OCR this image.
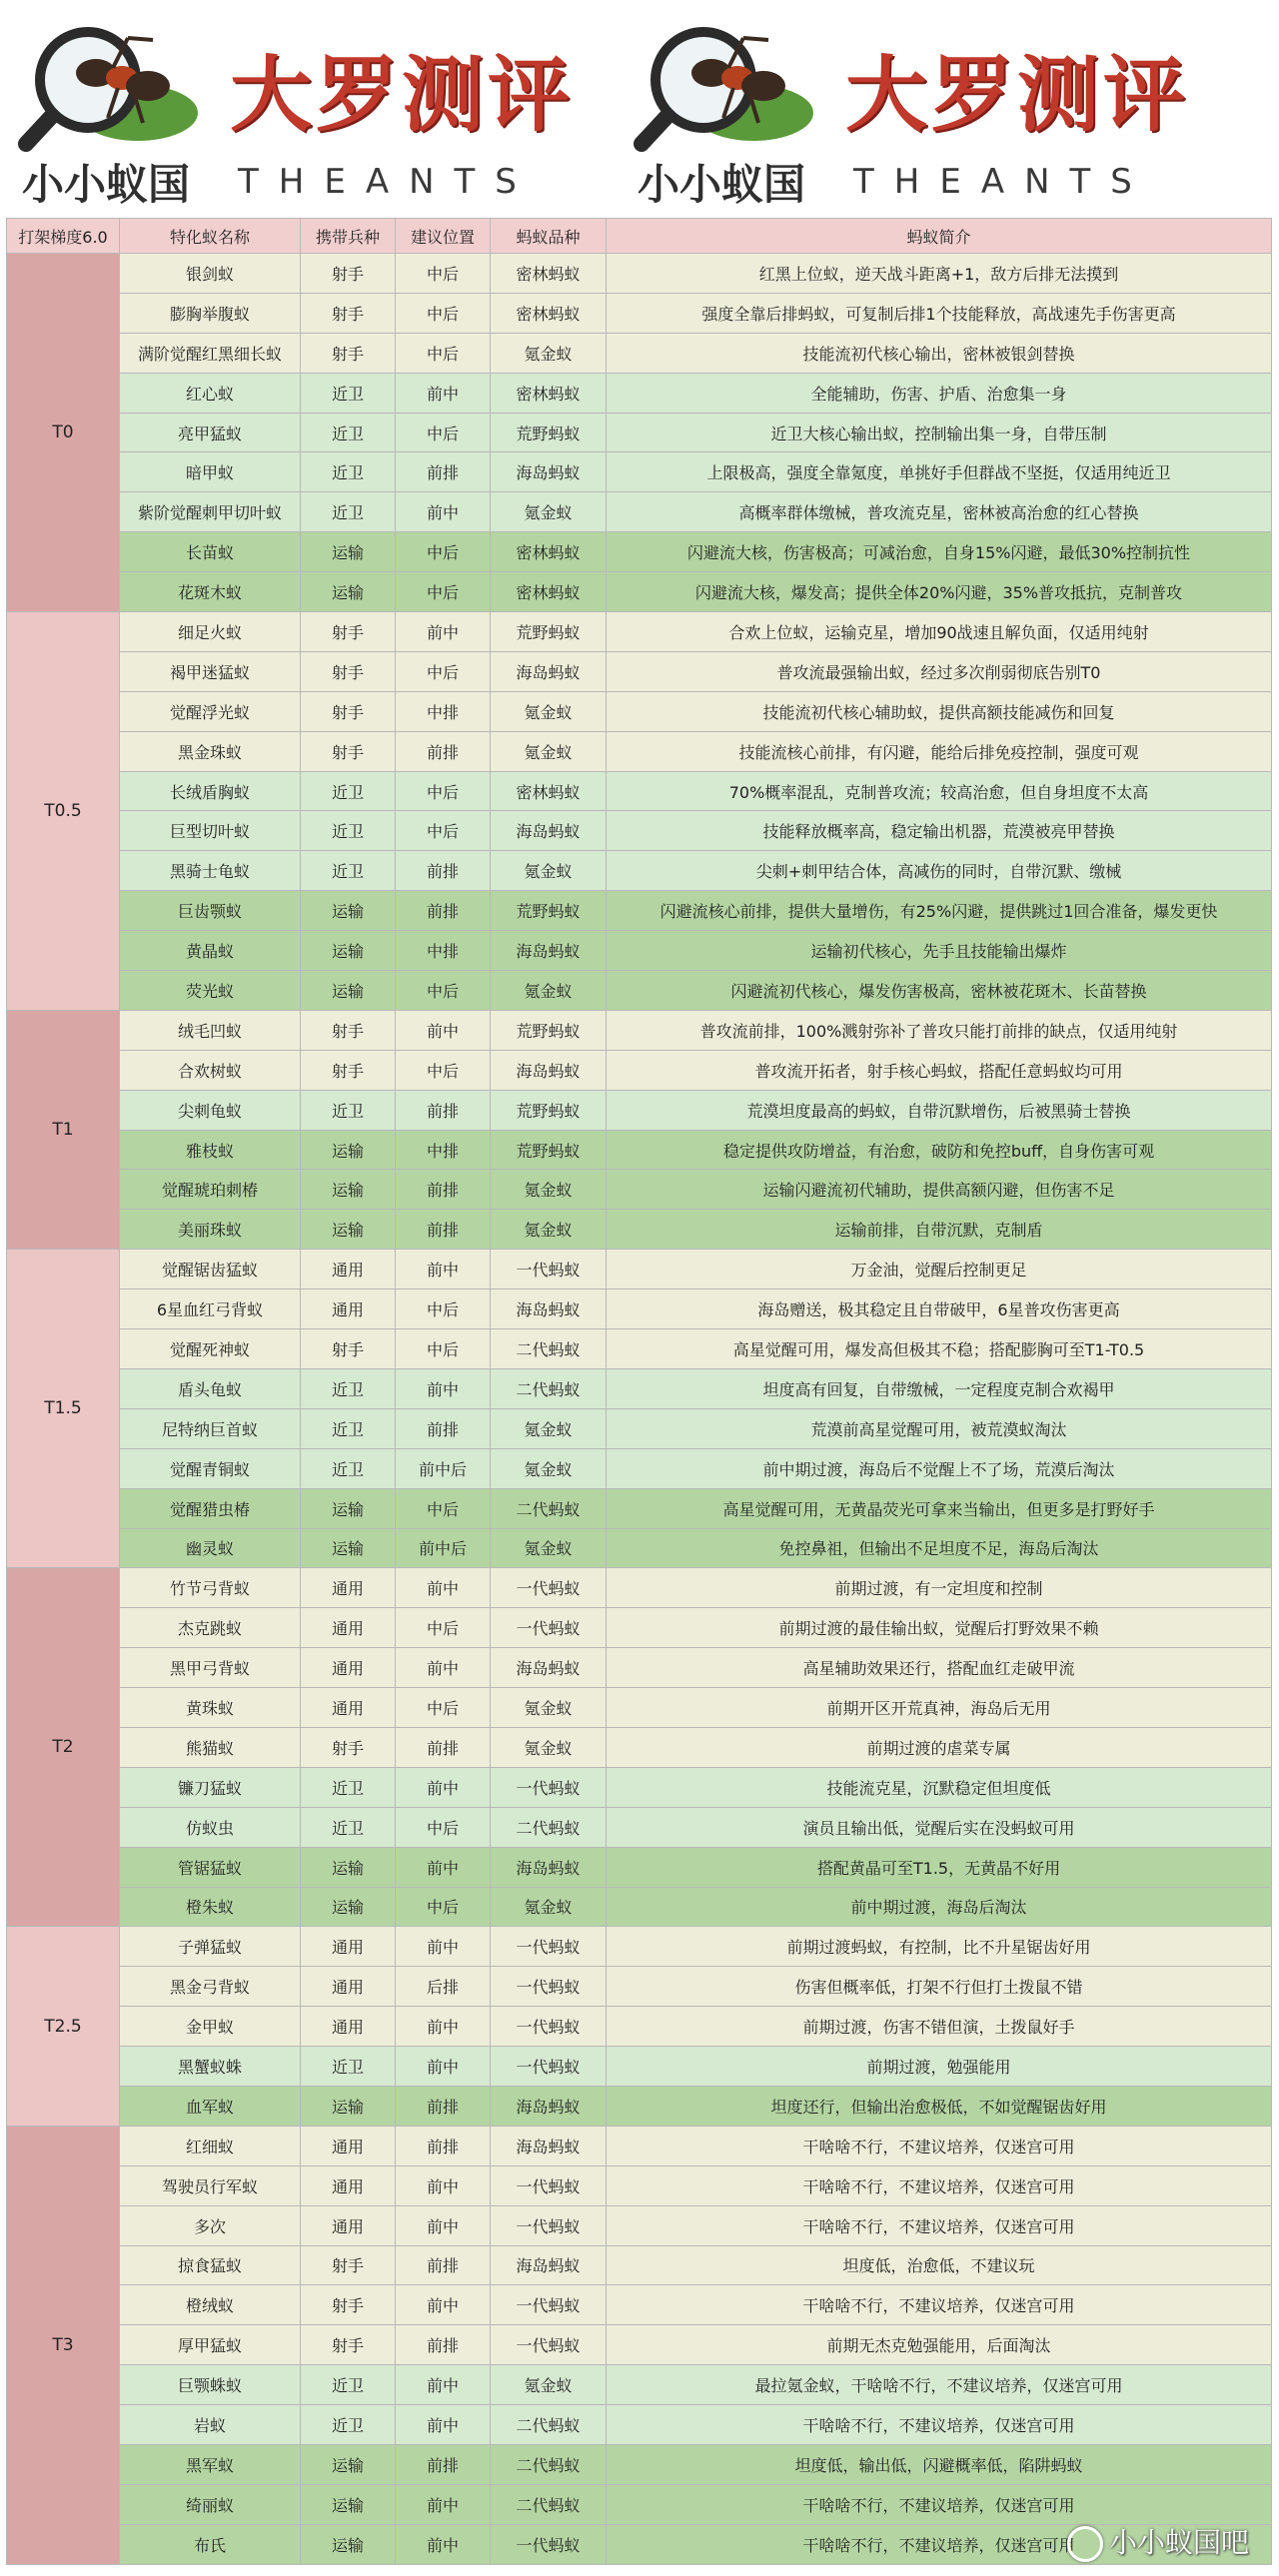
大罗测评
小小蚁国 THEANTS
大罗测评
小小蚁国 THEANTS
打架梯度6.0	特化蚁名称	携带兵种	建议位置	蚂蚁品种	蚂蚁简介
T0	银剑蚁	射手	中后	密林蚂蚁	红黑上位蚁，逆天战斗距离+1，敌方后排无法摸到
	膨胸举腹蚁	射手	中后	密林蚂蚁	强度全靠后排蚂蚁，可复制后排1个技能释放，高战速先手伤害更高
	满阶觉醒红黑细长蚁	射手	中后	氪金蚁	技能流初代核心输出，密林被银剑替换
	红心蚁	近卫	前中	密林蚂蚁	全能辅助，伤害、护盾、治愈集一身
	亮甲猛蚁	近卫	中后	荒野蚂蚁	近卫大核心输出蚁，控制输出集一身，自带压制
	暗甲蚁	近卫	前排	海岛蚂蚁	上限极高，强度全靠氪度，单挑好手但群战不坚挺，仅适用纯近卫
	紫阶觉醒刺甲切叶蚁	近卫	前中	氪金蚁	高概率群体缴械，普攻流克星，密林被高治愈的红心替换
	长苗蚁	运输	中后	密林蚂蚁	闪避流大核，伤害极高；可减治愈，自身15%闪避，最低30%控制抗性
	花斑木蚁	运输	中后	密林蚂蚁	闪避流大核，爆发高；提供全体20%闪避，35%普攻抵抗，克制普攻
T0.5	细足火蚁	射手	前中	荒野蚂蚁	合欢上位蚁，运输克星，增加90战速且解负面，仅适用纯射
	褐甲迷猛蚁	射手	中后	海岛蚂蚁	普攻流最强输出蚁，经过多次削弱彻底告别T0
	觉醒浮光蚁	射手	中排	氪金蚁	技能流初代核心辅助蚁，提供高额技能减伤和回复
	黑金珠蚁	射手	前排	氪金蚁	技能流核心前排，有闪避，能给后排免疫控制，强度可观
	长绒盾胸蚁	近卫	中后	密林蚂蚁	70%概率混乱，克制普攻流；较高治愈，但自身坦度不太高
	巨型切叶蚁	近卫	中后	海岛蚂蚁	技能释放概率高，稳定输出机器，荒漠被亮甲替换
	黑骑士龟蚁	近卫	前排	氪金蚁	尖刺+刺甲结合体，高减伤的同时，自带沉默、缴械
	巨齿颚蚁	运输	前排	荒野蚂蚁	闪避流核心前排，提供大量增伤，有25%闪避，提供跳过1回合准备，爆发更快
	黄晶蚁	运输	中排	海岛蚂蚁	运输初代核心，先手且技能输出爆炸
	荧光蚁	运输	中后	氪金蚁	闪避流初代核心，爆发伤害极高，密林被花斑木、长苗替换
T1	绒毛凹蚁	射手	前中	荒野蚂蚁	普攻流前排，100%溅射弥补了普攻只能打前排的缺点，仅适用纯射
	合欢树蚁	射手	中后	海岛蚂蚁	普攻流开拓者，射手核心蚂蚁，搭配任意蚂蚁均可用
	尖刺龟蚁	近卫	前排	荒野蚂蚁	荒漠坦度最高的蚂蚁，自带沉默增伤，后被黑骑士替换
	雅枝蚁	运输	中排	荒野蚂蚁	稳定提供攻防增益，有治愈，破防和免控buff，自身伤害可观
	觉醒琥珀刺椿	运输	前排	氪金蚁	运输闪避流初代辅助，提供高额闪避，但伤害不足
	美丽珠蚁	运输	前排	氪金蚁	运输前排，自带沉默，克制盾
T1.5	觉醒锯齿猛蚁	通用	前中	一代蚂蚁	万金油，觉醒后控制更足
	6星血红弓背蚁	通用	中后	海岛蚂蚁	海岛赠送，极其稳定且自带破甲，6星普攻伤害更高
	觉醒死神蚁	射手	中后	二代蚂蚁	高星觉醒可用，爆发高但极其不稳；搭配膨胸可至T1-T0.5
	盾头龟蚁	近卫	前中	二代蚂蚁	坦度高有回复，自带缴械，一定程度克制合欢褐甲
	尼特纳巨首蚁	近卫	前排	氪金蚁	荒漠前高星觉醒可用，被荒漠蚁淘汰
	觉醒青铜蚁	近卫	前中后	氪金蚁	前中期过渡，海岛后不觉醒上不了场，荒漠后淘汰
	觉醒猎虫椿	运输	中后	二代蚂蚁	高星觉醒可用，无黄晶荧光可拿来当输出，但更多是打野好手
	幽灵蚁	运输	前中后	氪金蚁	免控鼻祖，但输出不足坦度不足，海岛后淘汰
T2	竹节弓背蚁	通用	前中	一代蚂蚁	前期过渡，有一定坦度和控制
	杰克跳蚁	通用	中后	一代蚂蚁	前期过渡的最佳输出蚁，觉醒后打野效果不赖
	黑甲弓背蚁	通用	前中	海岛蚂蚁	高星辅助效果还行，搭配血红走破甲流
	黄珠蚁	通用	中后	氪金蚁	前期开区开荒真神，海岛后无用
	熊猫蚁	射手	前排	氪金蚁	前期过渡的虐菜专属
	镰刀猛蚁	近卫	前中	一代蚂蚁	技能流克星，沉默稳定但坦度低
	仿蚁虫	近卫	中后	二代蚂蚁	演员且输出低，觉醒后实在没蚂蚁可用
	管锯猛蚁	运输	前中	海岛蚂蚁	搭配黄晶可至T1.5，无黄晶不好用
	橙朱蚁	运输	中后	氪金蚁	前中期过渡，海岛后淘汰
T2.5	子弹猛蚁	通用	前中	一代蚂蚁	前期过渡蚂蚁，有控制，比不升星锯齿好用
	黑金弓背蚁	通用	后排	一代蚂蚁	伤害但概率低，打架不行但打土拨鼠不错
	金甲蚁	通用	前中	一代蚂蚁	前期过渡，伤害不错但演，土拨鼠好手
	黑蟹蚁蛛	近卫	前中	一代蚂蚁	前期过渡，勉强能用
	血军蚁	运输	前排	海岛蚂蚁	坦度还行，但输出治愈极低，不如觉醒锯齿好用
T3	红细蚁	通用	前排	海岛蚂蚁	干啥啥不行，不建议培养，仅迷宫可用
	驾驶员行军蚁	通用	前中	一代蚂蚁	干啥啥不行，不建议培养，仅迷宫可用
	多次	通用	前中	一代蚂蚁	干啥啥不行，不建议培养，仅迷宫可用
	掠食猛蚁	射手	前排	海岛蚂蚁	坦度低，治愈低，不建议玩
	橙绒蚁	射手	前中	一代蚂蚁	干啥啥不行，不建议培养，仅迷宫可用
	厚甲猛蚁	射手	前排	一代蚂蚁	前期无杰克勉强能用，后面淘汰
	巨颚蛛蚁	近卫	前中	氪金蚁	最拉氪金蚁，干啥啥不行，不建议培养，仅迷宫可用
	岩蚁	近卫	前中	二代蚂蚁	干啥啥不行，不建议培养，仅迷宫可用
	黑军蚁	运输	前排	二代蚂蚁	坦度低，输出低，闪避概率低，陷阱蚂蚁
	绮丽蚁	运输	前中	二代蚂蚁	干啥啥不行，不建议培养，仅迷宫可用
	布氏	运输	前中	一代蚂蚁	干啥啥不行，不建议培养，仅迷宫可用	小小蚁国吧
